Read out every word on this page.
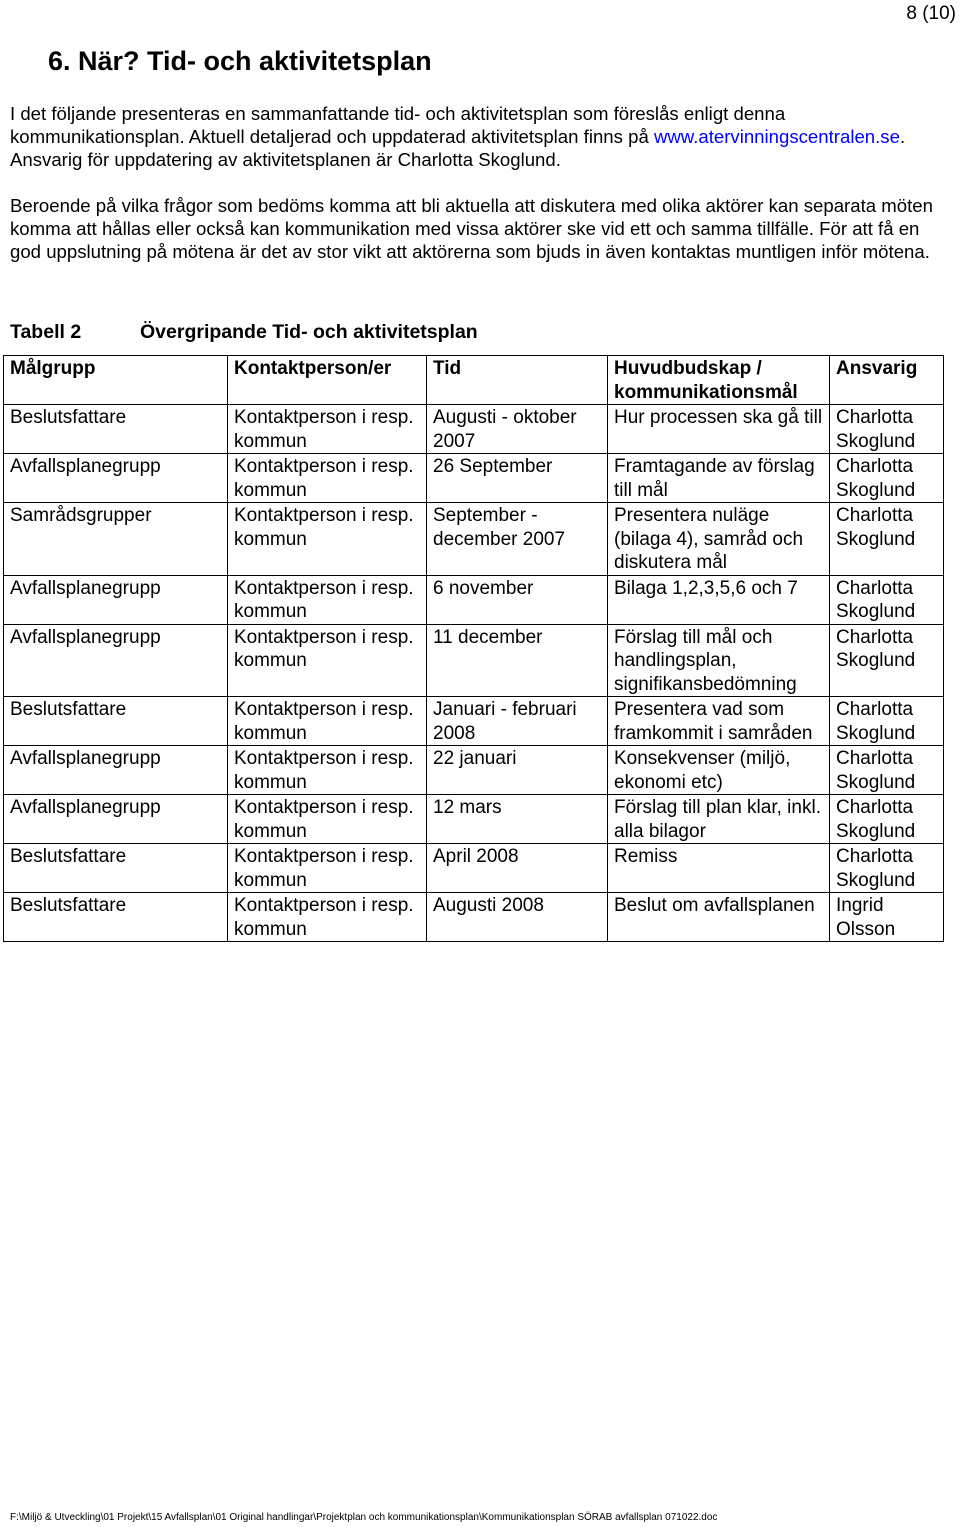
8 (10)
6. När? Tid- och aktivitetsplan

I det följande presenteras en sammanfattande tid- och aktivitetsplan som föreslås enligt denna kommunikationsplan. Aktuell detaljerad och uppdaterad aktivitetsplan finns på www.atervinningscentralen.se. Ansvarig för uppdatering av aktivitetsplanen är Charlotta Skoglund.

Beroende på vilka frågor som bedöms komma att bli aktuella att diskutera med olika aktörer kan separata möten komma att hållas eller också kan kommunikation med vissa aktörer ske vid ett och samma tillfälle. För att få en god uppslutning på mötena är det av stor vikt att aktörerna som bjuds in även kontaktas muntligen inför mötena.

Tabell 2	Övergripande Tid- och aktivitetsplan
Målgrupp	Kontaktperson/er	Tid	Huvudbudskap / kommunikationsmål	Ansvarig
Beslutsfattare	Kontaktperson i resp. kommun	Augusti - oktober 2007	Hur processen ska gå till	Charlotta Skoglund
Avfallsplanegrupp	Kontaktperson i resp. kommun	26 September	Framtagande av förslag till mål	Charlotta Skoglund
Samrådsgrupper	Kontaktperson i resp. kommun	September - december 2007	Presentera nuläge (bilaga 4), samråd och diskutera mål	Charlotta Skoglund
Avfallsplanegrupp	Kontaktperson i resp. kommun	6 november	Bilaga 1,2,3,5,6 och 7	Charlotta Skoglund
Avfallsplanegrupp	Kontaktperson i resp. kommun	11 december	Förslag till mål och handlingsplan, signifikansbedömning	Charlotta Skoglund
Beslutsfattare	Kontaktperson i resp. kommun	Januari - februari 2008	Presentera vad som framkommit i samråden	Charlotta Skoglund
Avfallsplanegrupp	Kontaktperson i resp. kommun	22 januari	Konsekvenser (miljö, ekonomi etc)	Charlotta Skoglund
Avfallsplanegrupp	Kontaktperson i resp. kommun	12 mars	Förslag till plan klar, inkl. alla bilagor	Charlotta Skoglund
Beslutsfattare	Kontaktperson i resp. kommun	April 2008	Remiss	Charlotta Skoglund
Beslutsfattare	Kontaktperson i resp. kommun	Augusti 2008	Beslut om avfallsplanen	Ingrid Olsson
F:\Miljö & Utveckling\01 Projekt\15 Avfallsplan\01 Original handlingar\Projektplan och kommunikationsplan\Kommunikationsplan SÖRAB avfallsplan 071022.doc
